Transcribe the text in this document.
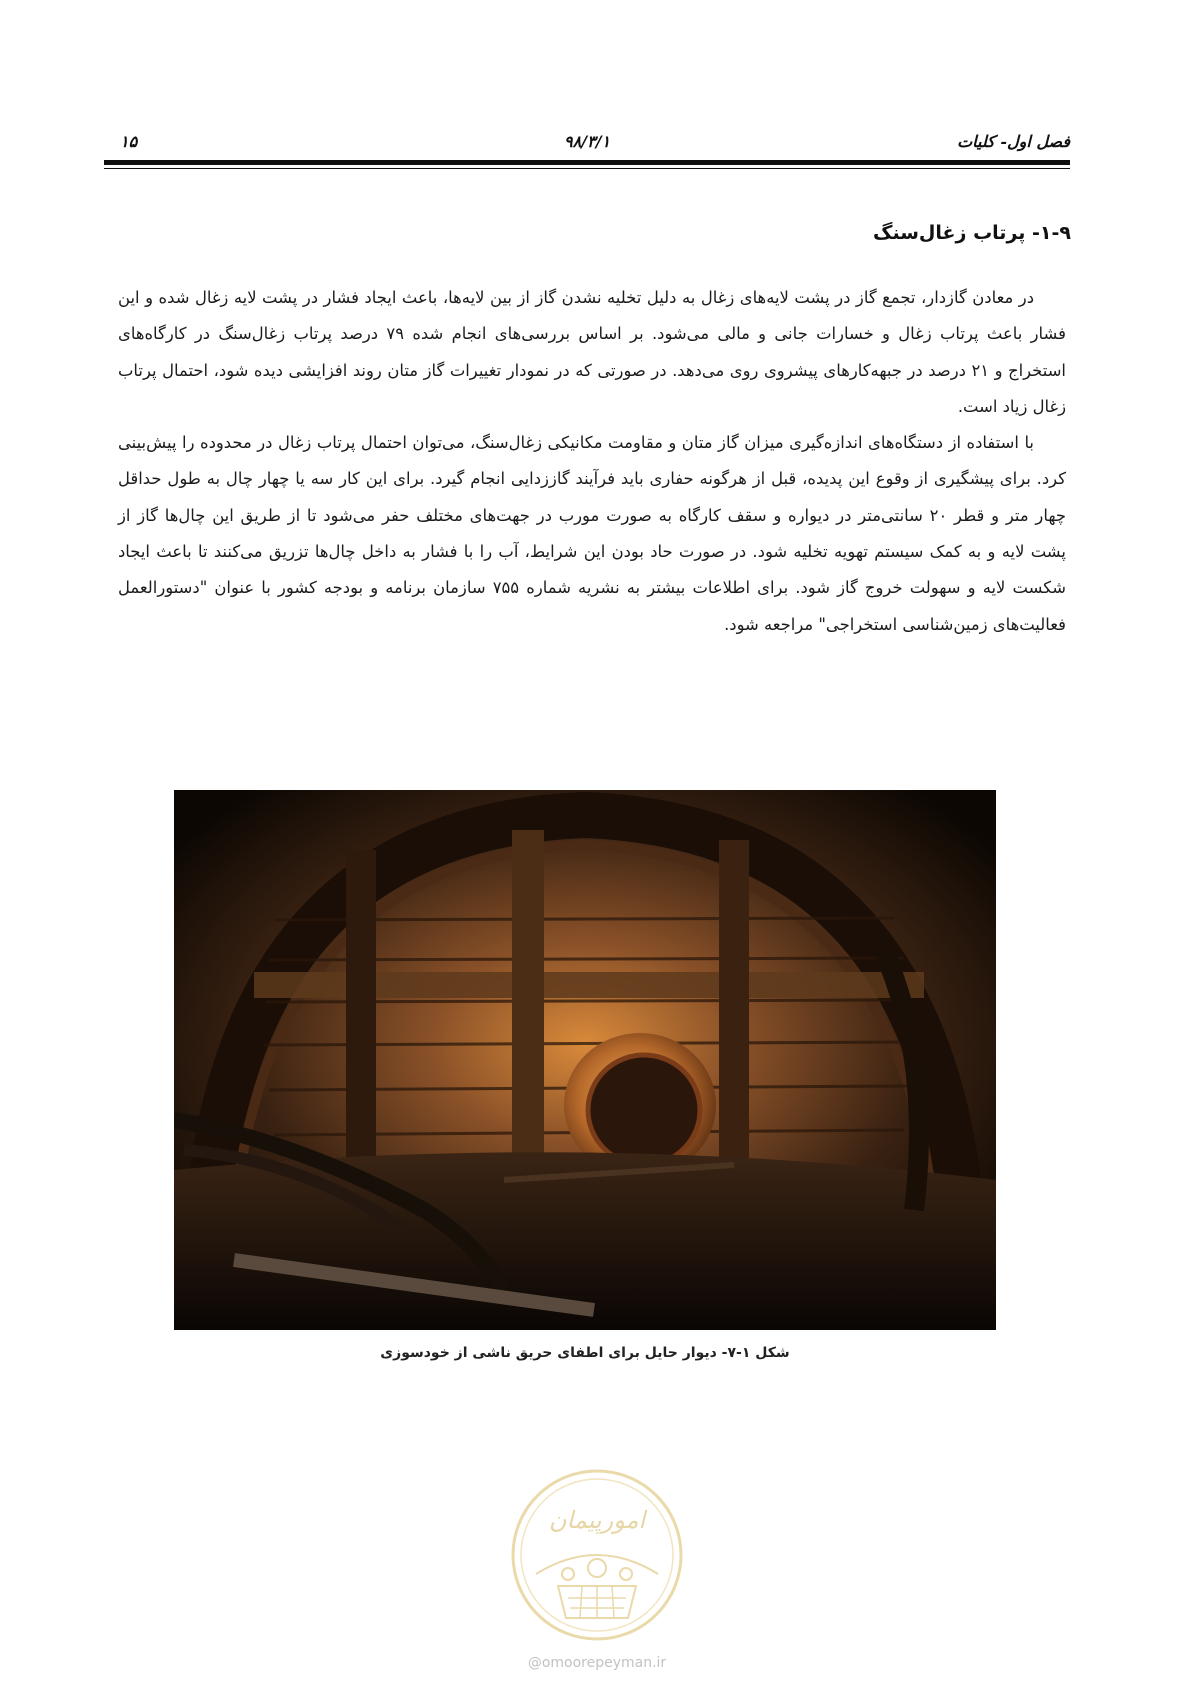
فصل اول- کلیات
۹۸/۳/۱
۱۵
۱-۹- پرتاب زغال‌سنگ

در معادن گازدار، تجمع گاز در پشت لایه‌های زغال به دلیل تخلیه نشدن گاز از بین لایه‌ها، باعث ایجاد فشار در پشت لایه زغال شده و این فشار باعث پرتاب زغال و خسارات جانی و مالی می‌شود. بر اساس بررسی‌های انجام شده ۷۹ درصد پرتاب زغال‌سنگ در کارگاه‌های استخراج و ۲۱ درصد در جبهه‌کارهای پیشروی روی می‌دهد. در صورتی که در نمودار تغییرات گاز متان روند افزایشی دیده شود، احتمال پرتاب زغال زیاد است.

با استفاده از دستگاه‌های اندازه‌گیری میزان گاز متان و مقاومت مکانیکی زغال‌سنگ، می‌توان احتمال پرتاب زغال در محدوده را پیش‌بینی کرد. برای پیشگیری از وقوع این پدیده، قبل از هرگونه حفاری باید فرآیند گاززدایی انجام گیرد. برای این کار سه یا چهار چال به طول حداقل چهار متر و قطر ۲۰ سانتی‌متر در دیواره و سقف کارگاه به صورت مورب در جهت‌های مختلف حفر می‌شود تا از طریق این چال‌ها گاز از پشت لایه و به کمک سیستم تهویه تخلیه شود. در صورت حاد بودن این شرایط، آب را با فشار به داخل چال‌ها تزریق می‌کنند تا باعث ایجاد شکست لایه و سهولت خروج گاز شود. برای اطلاعات بیشتر به نشریه شماره ۷۵۵ سازمان برنامه و بودجه کشور با عنوان "دستورالعمل فعالیت‌های زمین‌شناسی استخراجی" مراجعه شود.

شکل ۱-۷- دیوار حایل برای اطفای حریق ناشی از خودسوزی
امورپیمان
@omoorepeyman.ir
